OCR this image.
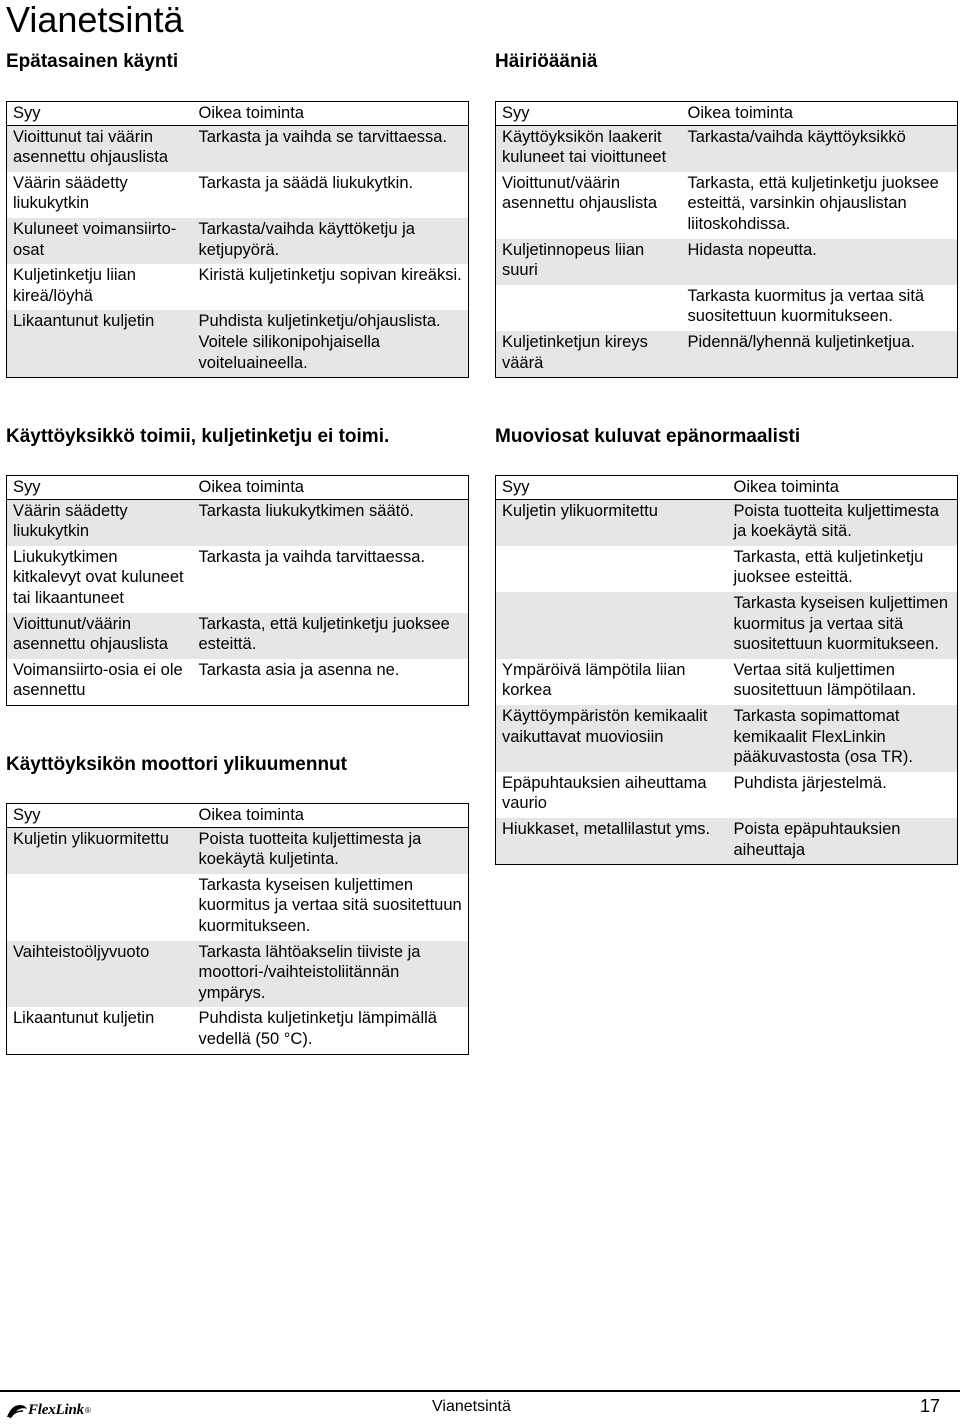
Vianetsintä
Epätasainen käynti
Syy	Oikea toiminta
Vioittunut tai väärin asennettu ohjauslista	Tarkasta ja vaihda se tarvittaessa.
Väärin säädetty liukukytkin	Tarkasta ja säädä liukukytkin.
Kuluneet voimansiirto-osat	Tarkasta/vaihda käyttöketju ja ketjupyörä.
Kuljetinketju liian kireä/löyhä	Kiristä kuljetinketju sopivan kireäksi.
Likaantunut kuljetin	Puhdista kuljetinketju/ohjauslista. Voitele silikonipohjaisella voiteluaineella.
Häiriöääniä
Syy	Oikea toiminta
Käyttöyksikön laakerit kuluneet tai vioittuneet	Tarkasta/vaihda käyttöyksikkö
Vioittunut/väärin asennettu ohjauslista	Tarkasta, että kuljetinketju juoksee esteittä, varsinkin ohjauslistan liitoskohdissa.
Kuljetinnopeus liian suuri	Hidasta nopeutta.
	Tarkasta kuormitus ja vertaa sitä suositettuun kuormitukseen.
Kuljetinketjun kireys väärä	Pidennä/lyhennä kuljetinketjua.
Käyttöyksikkö toimii, kuljetinketju ei toimi.
Syy	Oikea toiminta
Väärin säädetty liukukytkin	Tarkasta liukukytkimen säätö.
Liukukytkimen kitkalevyt ovat kuluneet tai likaantuneet	Tarkasta ja vaihda tarvittaessa.
Vioittunut/väärin asennettu ohjauslista	Tarkasta, että kuljetinketju juoksee esteittä.
Voimansiirto-osia ei ole asennettu	Tarkasta asia ja asenna ne.
Muoviosat kuluvat epänormaalisti
Syy	Oikea toiminta
Kuljetin ylikuormitettu	Poista tuotteita kuljettimesta ja koekäytä sitä.
	Tarkasta, että kuljetinketju juoksee esteittä.
	Tarkasta kyseisen kuljettimen kuormitus ja vertaa sitä suositettuun kuormitukseen.
Ympäröivä lämpötila liian korkea	Vertaa sitä kuljettimen suositettuun lämpötilaan.
Käyttöympäristön kemikaalit vaikuttavat muoviosiin	Tarkasta sopimattomat kemikaalit FlexLinkin pääkuvastosta (osa TR).
Epäpuhtauksien aiheuttama vaurio	Puhdista järjestelmä.
Hiukkaset, metallilastut yms.	Poista epäpuhtauksien aiheuttaja
Käyttöyksikön moottori ylikuumennut
Syy	Oikea toiminta
Kuljetin ylikuormitettu	Poista tuotteita kuljettimesta ja koekäytä kuljetinta.
	Tarkasta kyseisen kuljettimen kuormitus ja vertaa sitä suositettuun kuormitukseen.
Vaihteistoöljyvuoto	Tarkasta lähtöakselin tiiviste ja moottori-/vaihteistoliitännän ympärys.
Likaantunut kuljetin	Puhdista kuljetinketju lämpimällä vedellä (50 °C).
FlexLink ®	Vianetsintä	17
